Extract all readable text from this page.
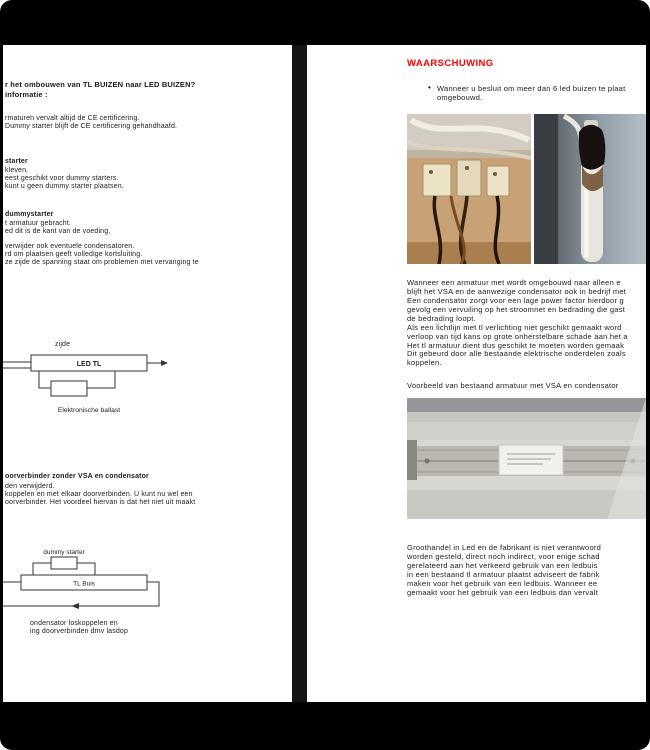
r het ombouwen van TL BUIZEN naar LED BUIZEN?
informatie :
rmaturen vervalt altijd de CE certificering.
Dummy starter blijft de CE certificering gehandhaafd.
starter
kleven.
eest geschikt voor dummy starters.
kunt u geen dummy starter plaatsen.
dummystarter
t armatuur gebracht.
ed dit is de kant van de voeding,
verwijder ook eventuele condensatoren.
rd om plaatsen geeft volledige kortsluiting.
ze zijde de spanning staat om problemen met vervanging te
zijde
LED TL
Elektronische ballast
oorverbinder zonder VSA en condensator
den verwijderd.
koppelen en met elkaar doorverbinden. U kunt nu wel een
oorverbinder. Het voordeel hiervan is dat het niet uit maakt
dummy starter
TL Buis
ondensator loskoppelen en
ing doorverbinden dmv lasdop
WAARSCHUWING
• Wanneer u besluit om meer dan 6 led buizen te plaat
omgebouwd.
Wanneer een armatuur met wordt omgebouwd naar alleen e
blijft het VSA en de aanwezige condensator ook in bedrijf met
Een condensator zorgt voor een lage power factor hierdoor g
gevolg een vervuiling op het stroomnet en bedrading die gast
de bedrading loopt.
Als een lichtlijn met tl verlichting niet geschikt gemaakt word
verloop van tijd kans op grote onherstelbare schade aan het a
Het tl armatuur dient dus geschikt te moeten worden gemaak
Dit gebeurd door alle bestaande elektrische onderdelen zoals
koppelen.
Voorbeeld van bestaand armatuur met VSA en condensator
Groothandel in Led en de fabrikant is niet verantwoord
worden gesteld, direct noch indirect, voor enige schad
gerelateerd aan het verkeerd gebruik van een ledbuis
in een bestaand tl armatuur plaatst adviseert de fabrik
maken voor het gebruik van een ledbuis. Wanneer ee
gemaakt voor het gebruik van een ledbuis dan vervalt
